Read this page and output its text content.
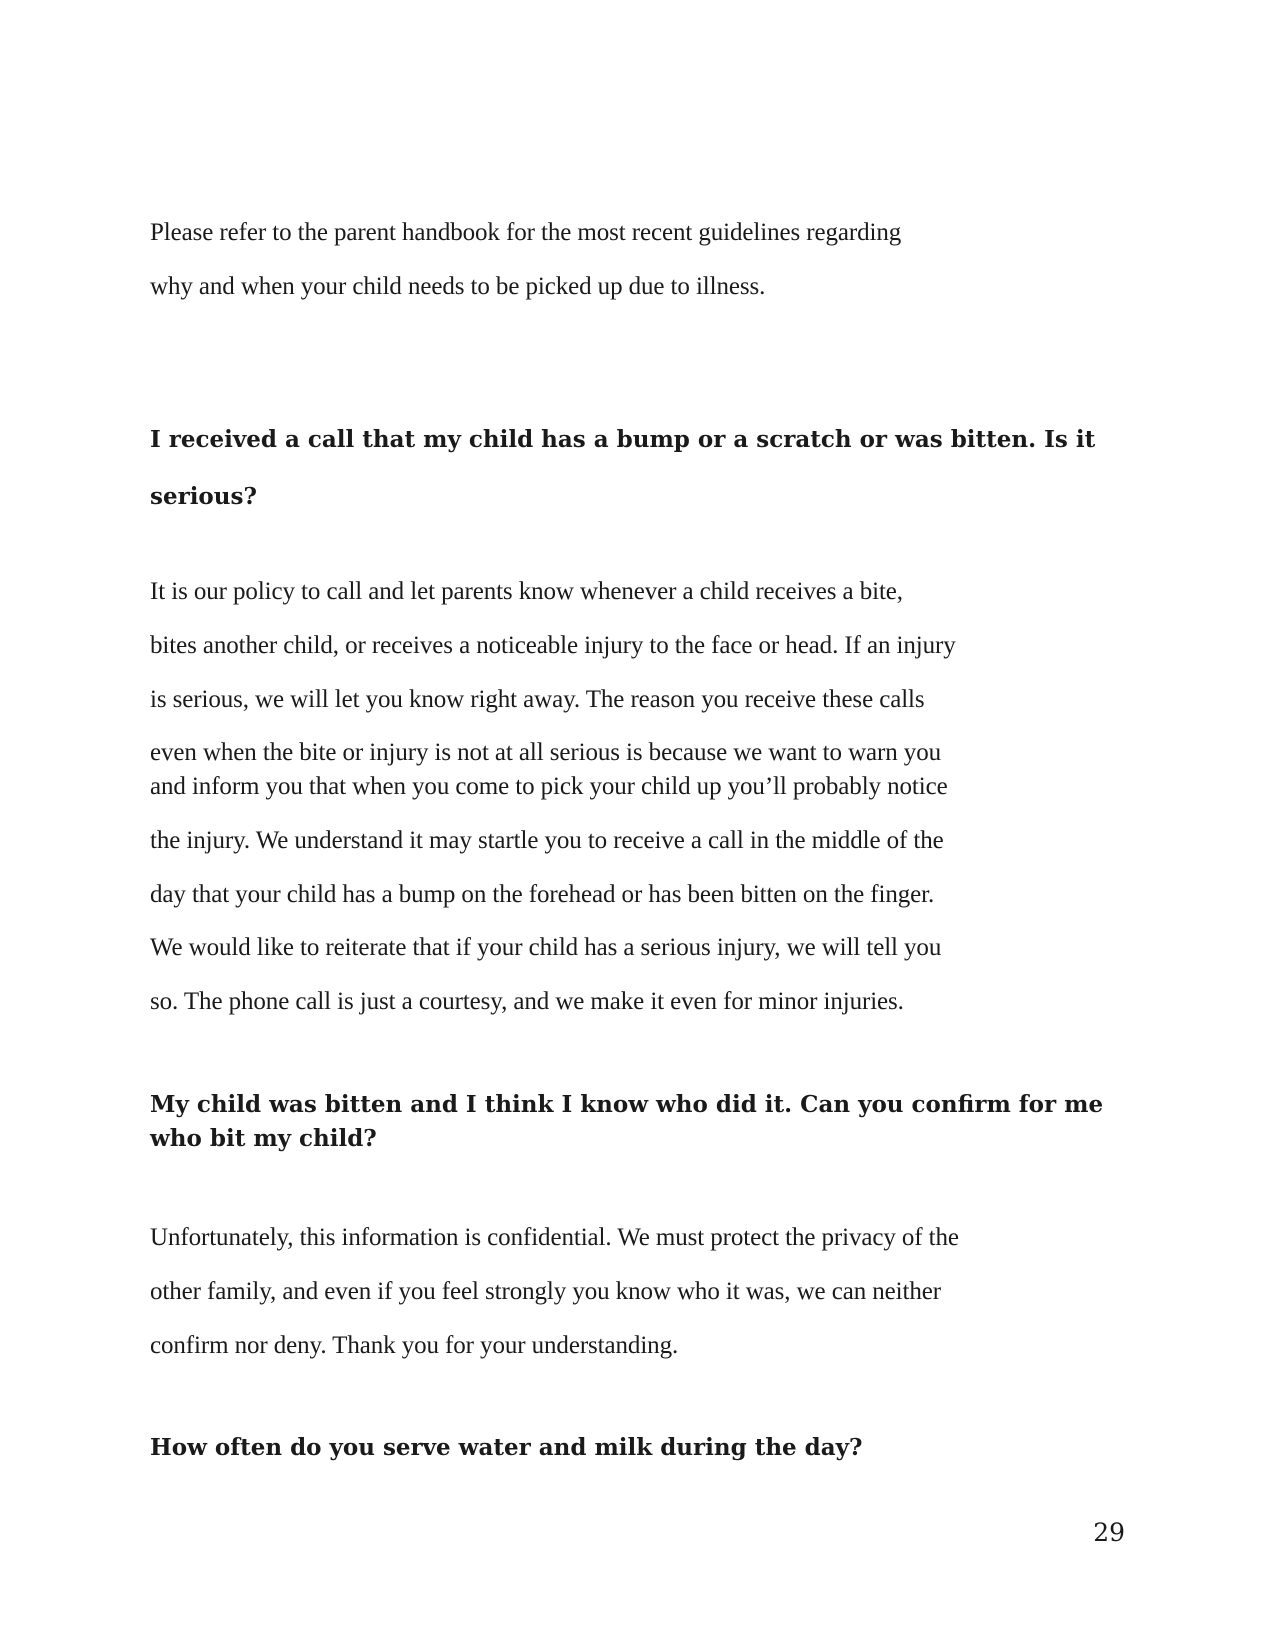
Please refer to the parent handbook for the most recent guidelines regarding
why and when your child needs to be picked up due to illness.
I received a call that my child has a bump or a scratch or was bitten. Is it
serious?
It is our policy to call and let parents know whenever a child receives a bite,
bites another child, or receives a noticeable injury to the face or head. If an injury
is serious, we will let you know right away. The reason you receive these calls
even when the bite or injury is not at all serious is because we want to warn you
and inform you that when you come to pick your child up you’ll probably notice
the injury. We understand it may startle you to receive a call in the middle of the
day that your child has a bump on the forehead or has been bitten on the finger.
We would like to reiterate that if your child has a serious injury, we will tell you
so. The phone call is just a courtesy, and we make it even for minor injuries.
My child was bitten and I think I know who did it. Can you confirm for me
who bit my child?
Unfortunately, this information is confidential. We must protect the privacy of the
other family, and even if you feel strongly you know who it was, we can neither
confirm nor deny. Thank you for your understanding.
How often do you serve water and milk during the day?
29
